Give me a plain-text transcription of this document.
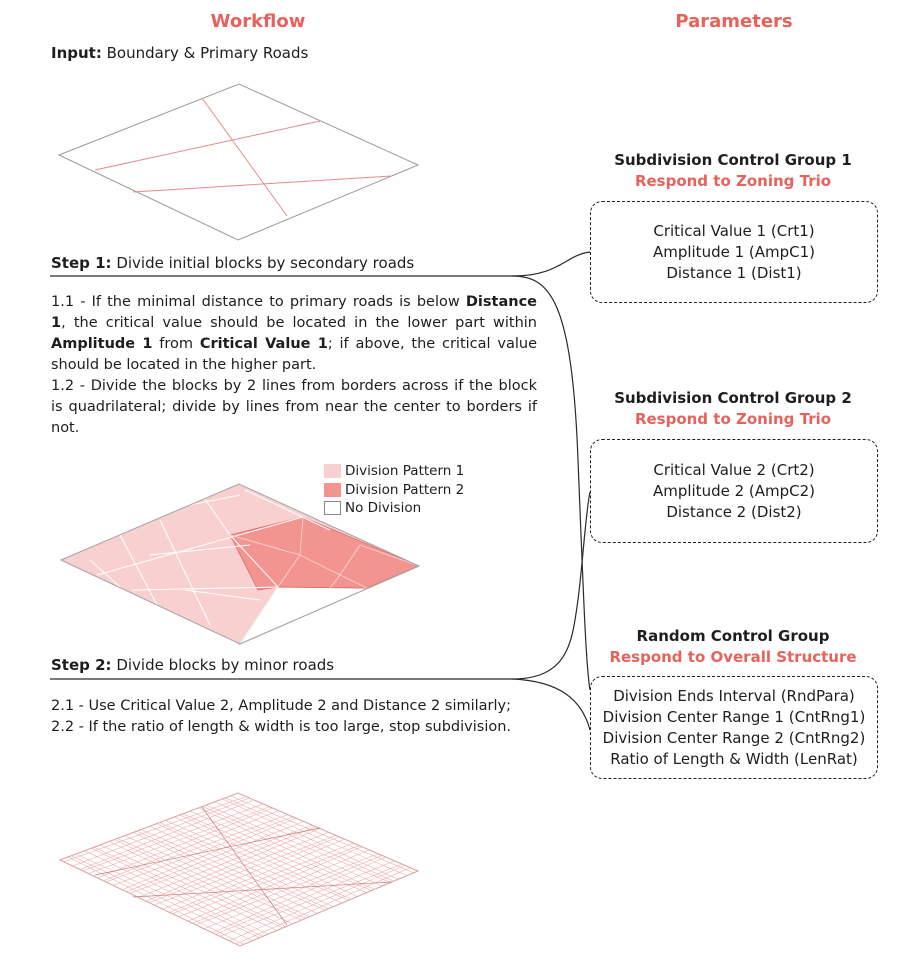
Workflow	Parameters
Input: Boundary & Primary Roads
Step 1: Divide initial blocks by secondary roads
1.1 - If the minimal distance to primary roads is below Distance 1, the critical value should be located in the lower part within Amplitude 1 from Critical Value 1; if above, the critical value should be located in the higher part.
1.2 - Divide the blocks by 2 lines from borders across if the block is quadrilateral; divide by lines from near the center to borders if not.
Division Pattern 1
Division Pattern 2
No Division
Step 2: Divide blocks by minor roads
2.1 - Use Critical Value 2, Amplitude 2 and Distance 2 similarly;
2.2 - If the ratio of length & width is too large, stop subdivision.
Subdivision Control Group 1
Respond to Zoning Trio
Critical Value 1 (Crt1)
Amplitude 1 (AmpC1)
Distance 1 (Dist1)
Subdivision Control Group 2
Respond to Zoning Trio
Critical Value 2 (Crt2)
Amplitude 2 (AmpC2)
Distance 2 (Dist2)
Random Control Group
Respond to Overall Structure
Division Ends Interval (RndPara)
Division Center Range 1 (CntRng1)
Division Center Range 2 (CntRng2)
Ratio of Length & Width (LenRat)
